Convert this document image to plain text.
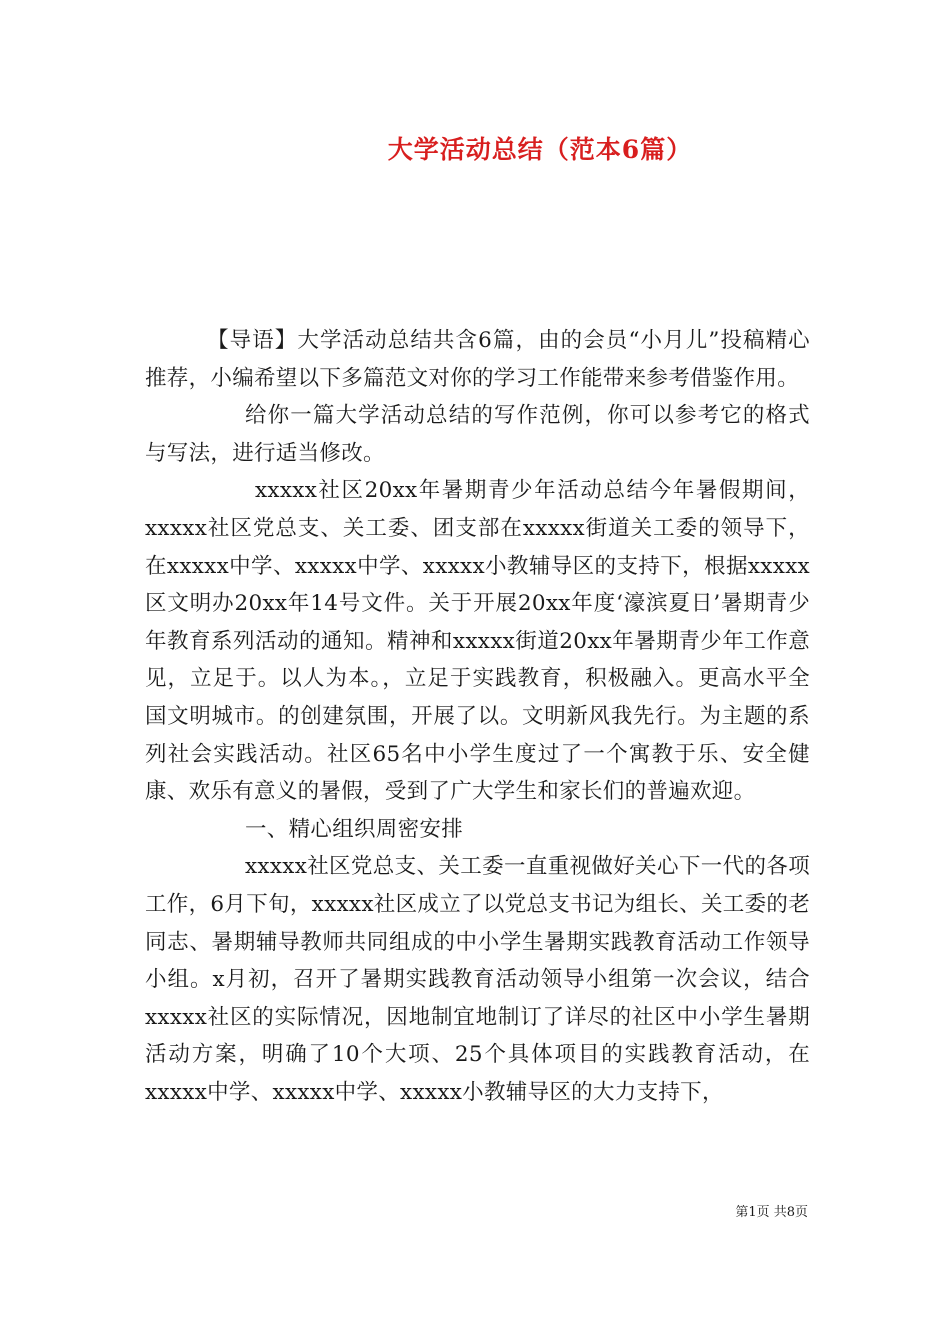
大学活动总结（范本6篇）

【导语】大学活动总结共含6篇，由的会员“小月儿”投稿精心推荐，小编希望以下多篇范文对你的学习工作能带来参考借鉴作用。

给你一篇大学活动总结的写作范例，你可以参考它的格式与写法，进行适当修改。

xxxxx社区20xx年暑期青少年活动总结今年暑假期间，xxxxx社区党总支、关工委、团支部在xxxxx街道关工委的领导下，在xxxxx中学、xxxxx中学、xxxxx小教辅导区的支持下，根据xxxxx区文明办20xx年14号文件。关于开展20xx年度‘濠滨夏日’暑期青少年教育系列活动的通知。精神和xxxxx街道20xx年暑期青少年工作意见，立足于。以人为本。，立足于实践教育，积极融入。更高水平全国文明城市。的创建氛围，开展了以。文明新风我先行。为主题的系列社会实践活动。社区65名中小学生度过了一个寓教于乐、安全健康、欢乐有意义的暑假，受到了广大学生和家长们的普遍欢迎。

一、精心组织周密安排

xxxxx社区党总支、关工委一直重视做好关心下一代的各项工作，6月下旬，xxxxx社区成立了以党总支书记为组长、关工委的老同志、暑期辅导教师共同组成的中小学生暑期实践教育活动工作领导小组。x月初，召开了暑期实践教育活动领导小组第一次会议，结合xxxxx社区的实际情况，因地制宜地制订了详尽的社区中小学生暑期活动方案，明确了10个大项、25个具体项目的实践教育活动，在xxxxx中学、xxxxx中学、xxxxx小教辅导区的大力支持下，

第1页 共8页
